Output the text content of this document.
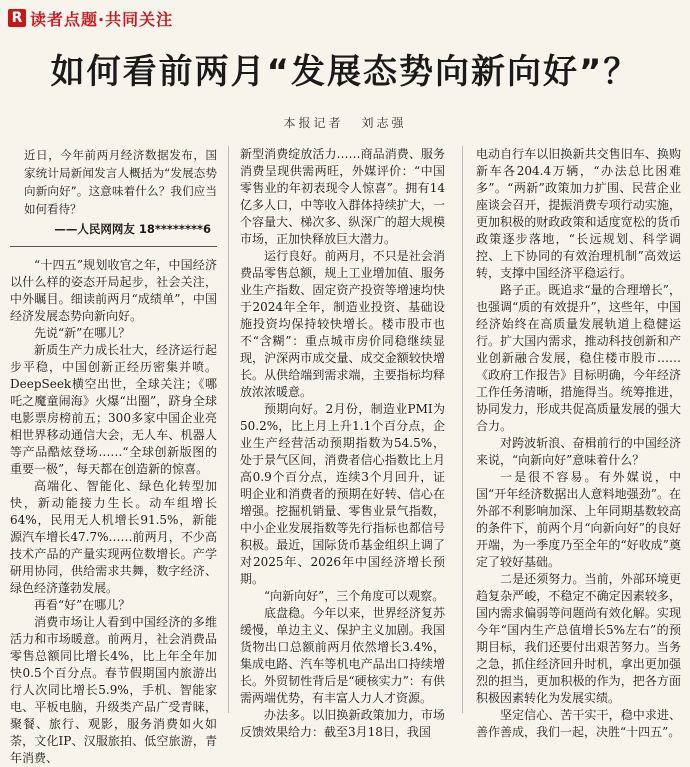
R 读者点题·共同关注
如何看前两月“发展态势向新向好”？
本报记者 刘志强
近日，今年前两月经济数据发布，国家统计局新闻发言人概括为“发展态势向新向好”。这意味着什么？我们应当如何看待？
——人民网网友 18********6

“十四五”规划收官之年，中国经济以什么样的姿态开局起步，社会关注，中外瞩目。细读前两月“成绩单”，中国经济发展态势向新向好。

先说“新”在哪儿？

新质生产力成长壮大，经济运行起步平稳，中国创新正经历密集并喷。DeepSeek横空出世，全球关注；《哪吒之魔童闹海》火爆“出圈”，跻身全球电影票房榜前五；300多家中国企业亮相世界移动通信大会，无人车、机器人等产品酷炫登场……“全球创新版图的重要一极”，每天都在创造新的惊喜。

高端化、智能化、绿色化转型加快，新动能接力生长。动车组增长64%，民用无人机增长91.5%，新能源汽车增长47.7%……前两月，不少高技术产品的产量实现两位数增长。产学研用协同，供给需求共舞，数字经济、绿色经济蓬勃发展。

再看“好”在哪儿？

消费市场让人看到中国经济的多维活力和市场暖意。前两月，社会消费品零售总额同比增长4%，比上年全年加快0.5个百分点。春节假期国内旅游出行人次同比增长5.9%，手机、智能家电、平板电脑，升级类产品广受青睐，聚餐、旅行、观影，服务消费如火如荼，文化IP、汉服旅拍、低空旅游，青年消费、

新型消费绽放活力……商品消费、服务消费呈现供需两旺，外媒评价：“中国零售业的年初表现令人惊喜”。拥有14亿多人口，中等收入群体持续扩大，一个容量大、梯次多、纵深广的超大规模市场，正加快释放巨大潜力。

运行良好。前两月，不只是社会消费品零售总额，规上工业增加值、服务业生产指数、固定资产投资等增速均快于2024年全年，制造业投资、基础设施投资均保持较快增长。楼市股市也不“含糊”：重点城市房价同稳继续显现，沪深两市成交量、成交金额较快增长。从供给端到需求端，主要指标均释放浓浓暖意。

预期向好。2月份，制造业PMI为50.2%，比上月上升1.1个百分点，企业生产经营活动预期指数为54.5%，处于景气区间，消费者信心指数比上月高0.9个百分点，连续3个月回升，证明企业和消费者的预期在好转、信心在增强。挖掘机销量、零售业景气指数，中小企业发展指数等先行指标也都信号积极。最近，国际货币基金组织上调了对2025年、2026年中国经济增长预期。

“向新向好”，三个角度可以观察。

底盘稳。今年以来，世界经济复苏缓慢，单边主义、保护主义加剧。我国货物出口总额前两月依然增长3.4%，集成电路、汽车等机电产品出口持续增长。外贸韧性背后是“硬核实力”：有供需两端优势，有丰富人力人才资源。

办法多。以旧换新政策加力，市场反馈效果给力：截至3月18日，我国

电动自行车以旧换新共交售旧车、换购新车各204.4万辆，“办法总比困难多”。“两新”政策加力扩围、民营企业座谈会召开，提振消费专项行动实施，更加积极的财政政策和适度宽松的货币政策逐步落地，“长远规划、科学调控、上下协同的有效治理机制”高效运转，支撑中国经济平稳运行。

路子正。既追求“量的合理增长”，也强调“质的有效提升”，这些年，中国经济始终在高质量发展轨道上稳健运行。扩大国内需求，推动科技创新和产业创新融合发展，稳住楼市股市……《政府工作报告》目标明确，今年经济工作任务清晰，措施得当。统筹推进，协同发力，形成共促高质量发展的强大合力。

对跨波斩浪、奋楫前行的中国经济来说，“向新向好”意味着什么？

一是很不容易。有外媒说，中国“开年经济数据出人意料地强劲”。在外部不利影响加深、上年同期基数较高的条件下，前两个月“向新向好”的良好开端，为一季度乃至全年的“好收成”奠定了较好基础。

二是还须努力。当前，外部环境更趋复杂严峻，不稳定不确定因素较多，国内需求偏弱等问题尚有效化解。实现今年“国内生产总值增长5%左右”的预期目标，我们还要付出艰苦努力。当务之急，抓住经济回升时机，拿出更加强烈的担当，更加积极的作为，把各方面积极因素转化为发展实绩。

坚定信心、苦干实干，稳中求进、善作善成，我们一起，决胜“十四五”。
